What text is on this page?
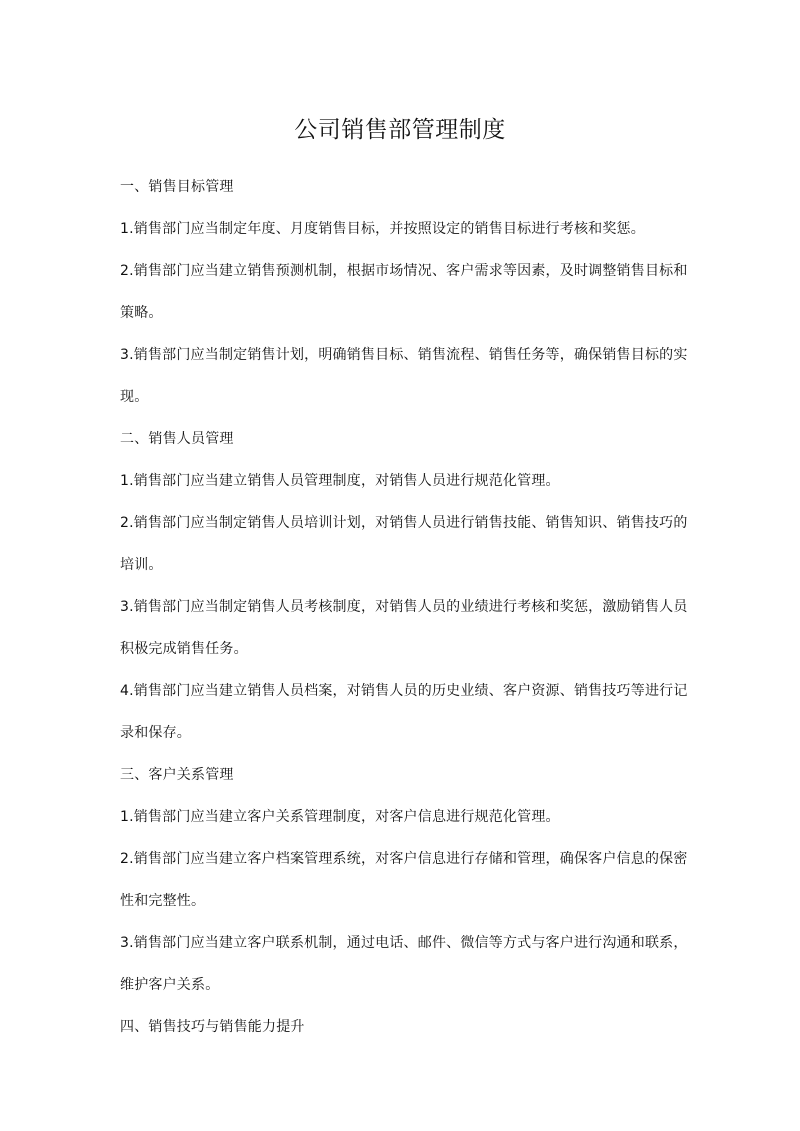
公司销售部管理制度

一、销售目标管理

1.销售部门应当制定年度、月度销售目标，并按照设定的销售目标进行考核和奖惩。

2.销售部门应当建立销售预测机制，根据市场情况、客户需求等因素，及时调整销售目标和策略。

3.销售部门应当制定销售计划，明确销售目标、销售流程、销售任务等，确保销售目标的实现。

二、销售人员管理

1.销售部门应当建立销售人员管理制度，对销售人员进行规范化管理。

2.销售部门应当制定销售人员培训计划，对销售人员进行销售技能、销售知识、销售技巧的培训。

3.销售部门应当制定销售人员考核制度，对销售人员的业绩进行考核和奖惩，激励销售人员积极完成销售任务。

4.销售部门应当建立销售人员档案，对销售人员的历史业绩、客户资源、销售技巧等进行记录和保存。

三、客户关系管理

1.销售部门应当建立客户关系管理制度，对客户信息进行规范化管理。

2.销售部门应当建立客户档案管理系统，对客户信息进行存储和管理，确保客户信息的保密性和完整性。

3.销售部门应当建立客户联系机制，通过电话、邮件、微信等方式与客户进行沟通和联系，维护客户关系。

四、销售技巧与销售能力提升
